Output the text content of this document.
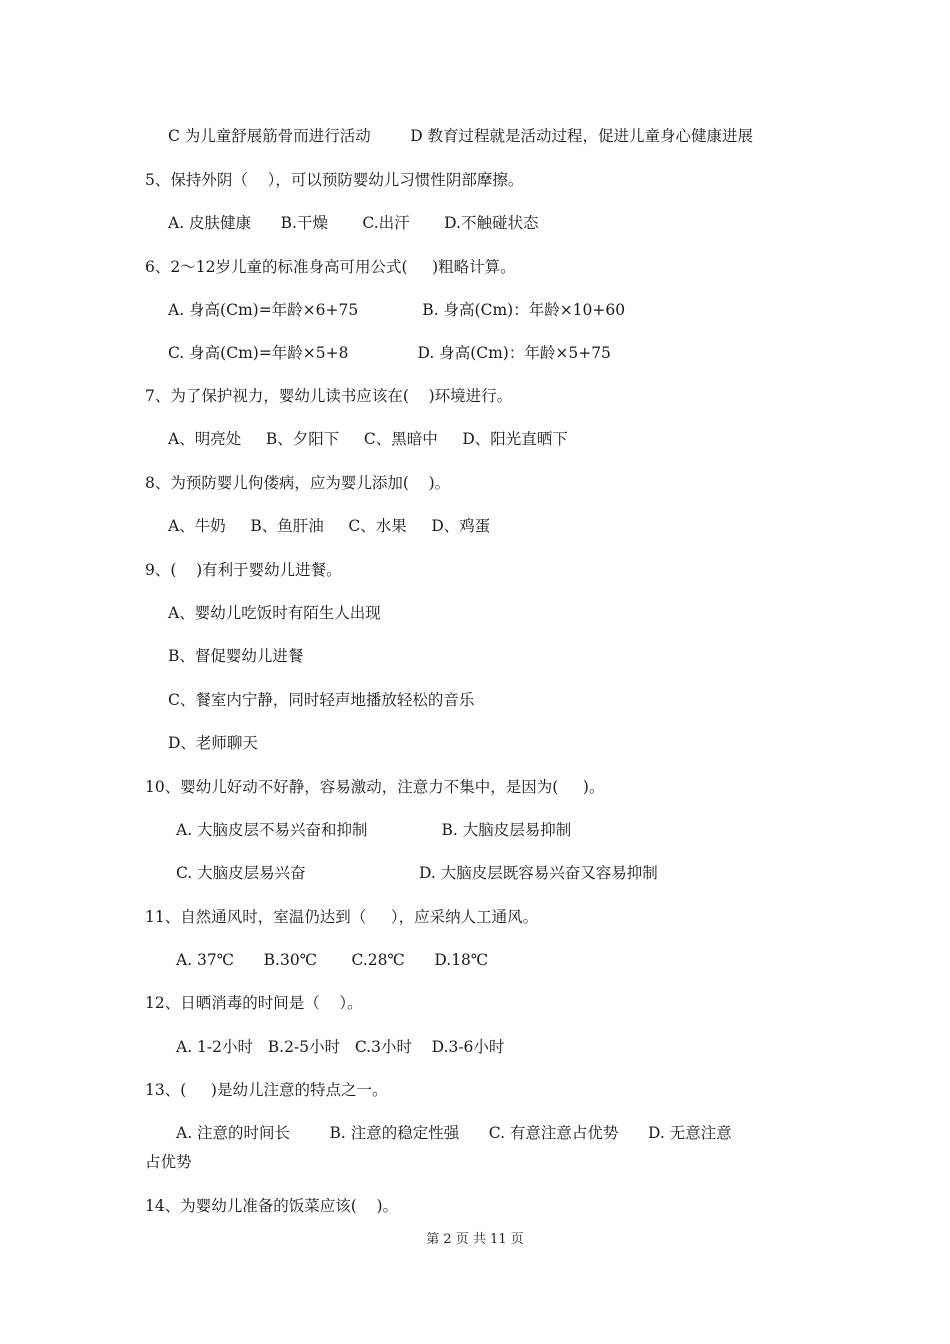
C 为儿童舒展筋骨而进行活动        D 教育过程就是活动过程，促进儿童身心健康进展
5、保持外阴（    ），可以预防婴幼儿习惯性阴部摩擦。
A. 皮肤健康      B.干燥       C.出汗       D.不触碰状态
6、2～12岁儿童的标准身高可用公式(     )粗略计算。
A. 身高(Cm)=年龄×6+75             B. 身高(Cm)：年龄×10+60
C. 身高(Cm)=年龄×5+8              D. 身高(Cm)：年龄×5+75
7、为了保护视力，婴幼儿读书应该在(    )环境进行。
A、明亮处     B、夕阳下     C、黑暗中     D、阳光直晒下
8、为预防婴儿佝偻病，应为婴儿添加(    )。
A、牛奶     B、鱼肝油     C、水果     D、鸡蛋
9、(    )有利于婴幼儿进餐。
A、婴幼儿吃饭时有陌生人出现
B、督促婴幼儿进餐
C、餐室内宁静，同时轻声地播放轻松的音乐
D、老师聊天
10、婴幼儿好动不好静，容易激动，注意力不集中，是因为(     )。
A. 大脑皮层不易兴奋和抑制               B. 大脑皮层易抑制
C. 大脑皮层易兴奋                       D. 大脑皮层既容易兴奋又容易抑制
11、自然通风时，室温仍达到（     ），应采纳人工通风。
A. 37℃      B.30℃       C.28℃      D.18℃
12、日晒消毒的时间是（    ）。
A. 1-2小时   B.2-5小时   C.3小时    D.3-6小时
13、(     )是幼儿注意的特点之一。
A. 注意的时间长        B. 注意的稳定性强      C. 有意注意占优势      D. 无意注意
占优势
14、为婴幼儿准备的饭菜应该(    )。
第 2 页 共 11 页
